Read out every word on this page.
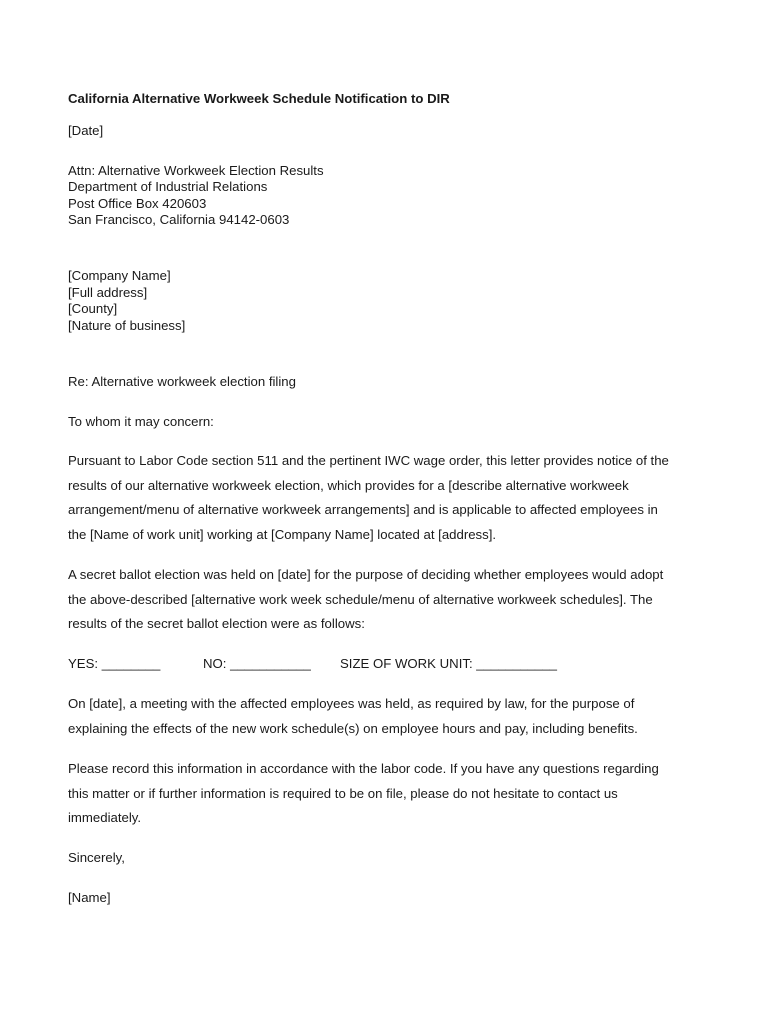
California Alternative Workweek Schedule Notification to DIR
[Date]
Attn: Alternative Workweek Election Results
Department of Industrial Relations
Post Office Box 420603
San Francisco, California 94142-0603
[Company Name]
[Full address]
[County]
[Nature of business]
Re: Alternative workweek election filing
To whom it may concern:
Pursuant to Labor Code section 511 and the pertinent IWC wage order, this letter provides notice of the
results of our alternative workweek election, which provides for a [describe alternative workweek
arrangement/menu of alternative workweek arrangements] and is applicable to affected employees in
the [Name of work unit] working at [Company Name] located at [address].
A secret ballot election was held on [date] for the purpose of deciding whether employees would adopt
the above-described [alternative work week schedule/menu of alternative workweek schedules]. The
results of the secret ballot election were as follows:
YES: ________	NO: ___________ SIZE OF WORK UNIT: ___________
On [date], a meeting with the affected employees was held, as required by law, for the purpose of
explaining the effects of the new work schedule(s) on employee hours and pay, including benefits.
Please record this information in accordance with the labor code. If you have any questions regarding
this matter or if further information is required to be on file, please do not hesitate to contact us
immediately.
Sincerely,
[Name]
